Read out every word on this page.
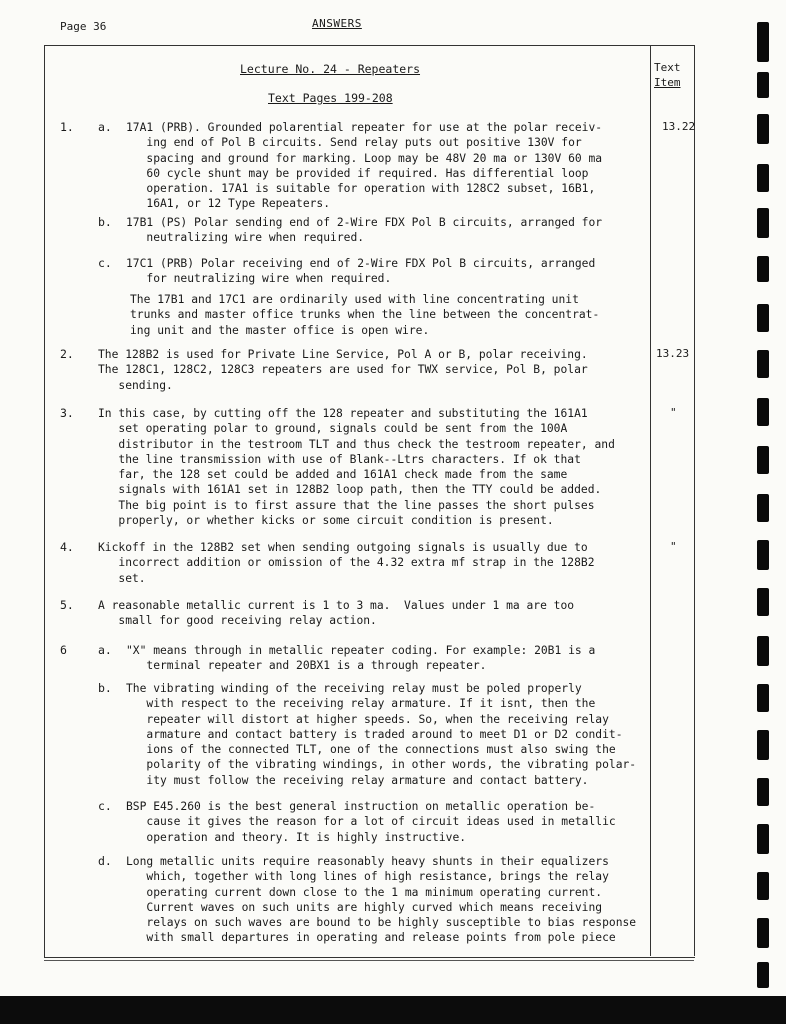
Page 36	ANSWERS
Text
Item
Lecture No. 24 - Repeaters
Text Pages 199-208
1.	13.22
a. 17A1 (PRB). Grounded polarential repeater for use at the polar receiv-
ing end of Pol B circuits. Send relay puts out positive 130V for
spacing and ground for marking. Loop may be 48V 20 ma or 130V 60 ma
60 cycle shunt may be provided if required. Has differential loop
operation. 17A1 is suitable for operation with 128C2 subset, 16B1,
16A1, or 12 Type Repeaters.
b. 17B1 (PS) Polar sending end of 2-Wire FDX Pol B circuits, arranged for
neutralizing wire when required.
c. 17C1 (PRB) Polar receiving end of 2-Wire FDX Pol B circuits, arranged
for neutralizing wire when required.
The 17B1 and 17C1 are ordinarily used with line concentrating unit
trunks and master office trunks when the line between the concentrat-
ing unit and the master office is open wire.
2.	13.23
The 128B2 is used for Private Line Service, Pol A or B, polar receiving.
The 128C1, 128C2, 128C3 repeaters are used for TWX service, Pol B, polar
sending.
3.	"
In this case, by cutting off the 128 repeater and substituting the 161A1
set operating polar to ground, signals could be sent from the 100A
distributor in the testroom TLT and thus check the testroom repeater, and
the line transmission with use of Blank--Ltrs characters. If ok that
far, the 128 set could be added and 161A1 check made from the same
signals with 161A1 set in 128B2 loop path, then the TTY could be added.
The big point is to first assure that the line passes the short pulses
properly, or whether kicks or some circuit condition is present.
4.	"
Kickoff in the 128B2 set when sending outgoing signals is usually due to
incorrect addition or omission of the 4.32 extra mf strap in the 128B2
set.
5. A reasonable metallic current is 1 to 3 ma.  Values under 1 ma are too
small for good receiving relay action.
6	a. "X" means through in metallic repeater coding. For example: 20B1 is a
terminal repeater and 20BX1 is a through repeater.
b. The vibrating winding of the receiving relay must be poled properly
with respect to the receiving relay armature. If it isnt, then the
repeater will distort at higher speeds. So, when the receiving relay
armature and contact battery is traded around to meet D1 or D2 condit-
ions of the connected TLT, one of the connections must also swing the
polarity of the vibrating windings, in other words, the vibrating polar-
ity must follow the receiving relay armature and contact battery.
c. BSP E45.260 is the best general instruction on metallic operation be-
cause it gives the reason for a lot of circuit ideas used in metallic
operation and theory. It is highly instructive.
d. Long metallic units require reasonably heavy shunts in their equalizers
which, together with long lines of high resistance, brings the relay
operating current down close to the 1 ma minimum operating current.
Current waves on such units are highly curved which means receiving
relays on such waves are bound to be highly susceptible to bias response
with small departures in operating and release points from pole piece
